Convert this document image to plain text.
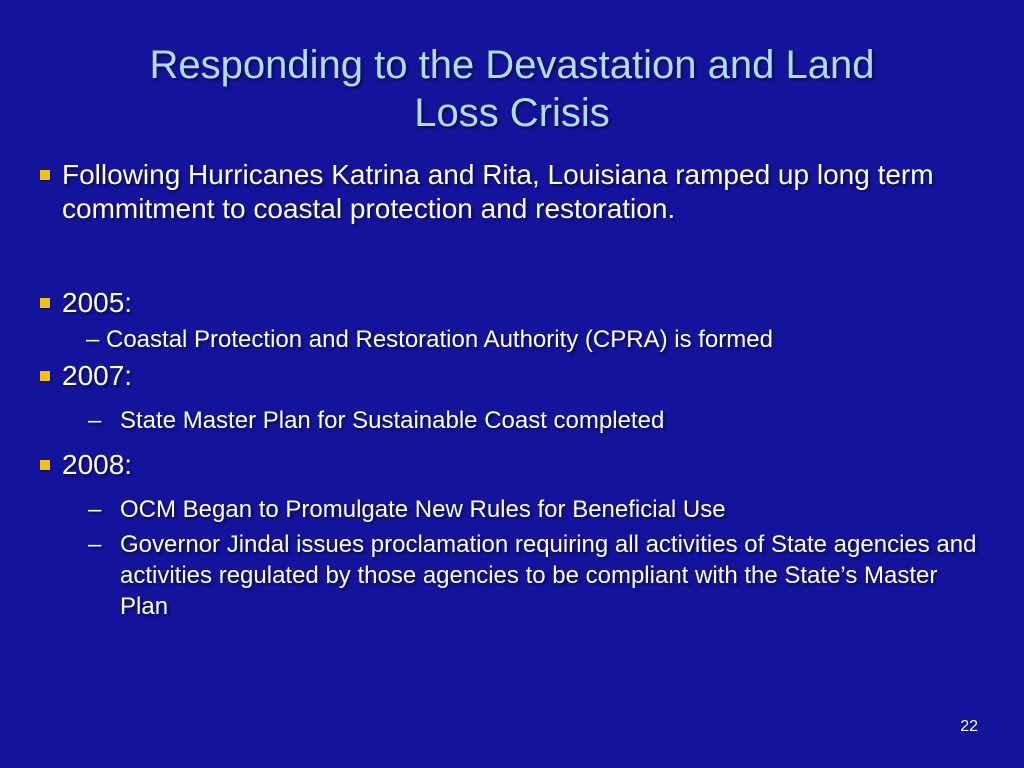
Responding to the Devastation and Land
Loss Crisis
Following Hurricanes Katrina and Rita, Louisiana ramped up long term commitment to coastal protection and restoration.
2005:
– Coastal Protection and Restoration Authority (CPRA) is formed
2007:
– State Master Plan for Sustainable Coast completed
2008:
– OCM Began to Promulgate New Rules for Beneficial Use
– Governor Jindal issues proclamation requiring all activities of State agencies and activities regulated by those agencies to be compliant with the State’s Master Plan
22
